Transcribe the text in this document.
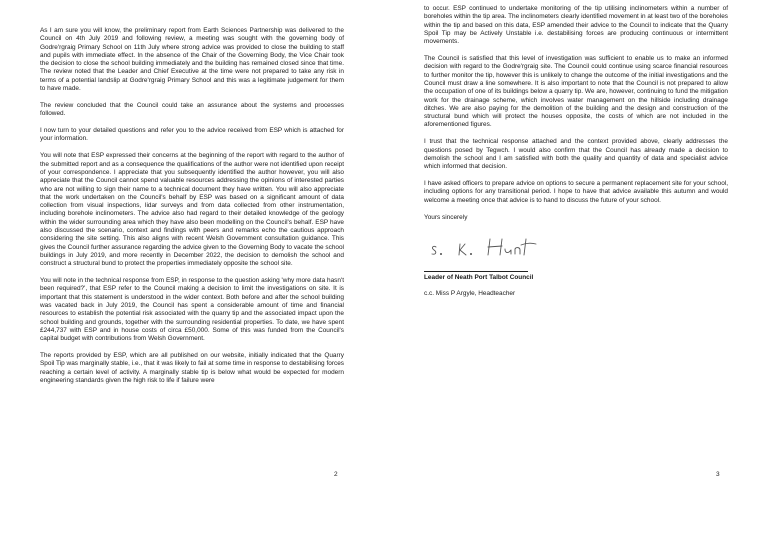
As I am sure you will know, the preliminary report from Earth Sciences Partnership was delivered to the Council on 4th July 2019 and following review, a meeting was sought with the governing body of Godre'rgraig Primary School on 11th July where strong advice was provided to close the building to staff and pupils with immediate effect. In the absence of the Chair of the Governing Body, the Vice Chair took the decision to close the school building immediately and the building has remained closed since that time. The review noted that the Leader and Chief Executive at the time were not prepared to take any risk in terms of a potential landslip at Godre'rgraig Primary School and this was a legitimate judgement for them to have made.

The review concluded that the Council could take an assurance about the systems and processes followed.

I now turn to your detailed questions and refer you to the advice received from ESP which is attached for your information.

You will note that ESP expressed their concerns at the beginning of the report with regard to the author of the submitted report and as a consequence the qualifications of the author were not identified upon receipt of your correspondence. I appreciate that you subsequently identified the author however, you will also appreciate that the Council cannot spend valuable resources addressing the opinions of interested parties who are not willing to sign their name to a technical document they have written. You will also appreciate that the work undertaken on the Council's behalf by ESP was based on a significant amount of data collection from visual inspections, lidar surveys and from data collected from other instrumentation, including borehole inclinometers. The advice also had regard to their detailed knowledge of the geology within the wider surrounding area which they have also been modelling on the Council's behalf. ESP have also discussed the scenario, context and findings with peers and remarks echo the cautious approach considering the site setting. This also aligns with recent Welsh Government consultation guidance. This gives the Council further assurance regarding the advice given to the Governing Body to vacate the school buildings in July 2019, and more recently in December 2022, the decision to demolish the school and construct a structural bund to protect the properties immediately opposite the school site.

You will note in the technical response from ESP, in response to the question asking 'why more data hasn't been required?', that ESP refer to the Council making a decision to limit the investigations on site. It is important that this statement is understood in the wider context. Both before and after the school building was vacated back in July 2019, the Council has spent a considerable amount of time and financial resources to establish the potential risk associated with the quarry tip and the associated impact upon the school building and grounds, together with the surrounding residential properties. To date, we have spent £244,737 with ESP and in house costs of circa £50,000. Some of this was funded from the Council's capital budget with contributions from Welsh Government.

The reports provided by ESP, which are all published on our website, initially indicated that the Quarry Spoil Tip was marginally stable, i.e., that it was likely to fail at some time in response to destabilising forces reaching a certain level of activity. A marginally stable tip is below what would be expected for modern engineering standards given the high risk to life if failure were

2

to occur. ESP continued to undertake monitoring of the tip utilising inclinometers within a number of boreholes within the tip area. The inclinometers clearly identified movement in at least two of the boreholes within the tip and based on this data, ESP amended their advice to the Council to indicate that the Quarry Spoil Tip may be Actively Unstable i.e. destabilising forces are producing continuous or intermittent movements.

The Council is satisfied that this level of investigation was sufficient to enable us to make an informed decision with regard to the Godre'rgraig site. The Council could continue using scarce financial resources to further monitor the tip, however this is unlikely to change the outcome of the initial investigations and the Council must draw a line somewhere. It is also important to note that the Council is not prepared to allow the occupation of one of its buildings below a quarry tip. We are, however, continuing to fund the mitigation work for the drainage scheme, which involves water management on the hillside including drainage ditches. We are also paying for the demolition of the building and the design and construction of the structural bund which will protect the houses opposite, the costs of which are not included in the aforementioned figures.

I trust that the technical response attached and the context provided above, clearly addresses the questions posed by Tegwch. I would also confirm that the Council has already made a decision to demolish the school and I am satisfied with both the quality and quantity of data and specialist advice which informed that decision.

I have asked officers to prepare advice on options to secure a permanent replacement site for your school, including options for any transitional period. I hope to have that advice available this autumn and would welcome a meeting once that advice is to hand to discuss the future of your school.

Yours sincerely

Leader of Neath Port Talbot Council

c.c. Miss P Argyle, Headteacher

3
